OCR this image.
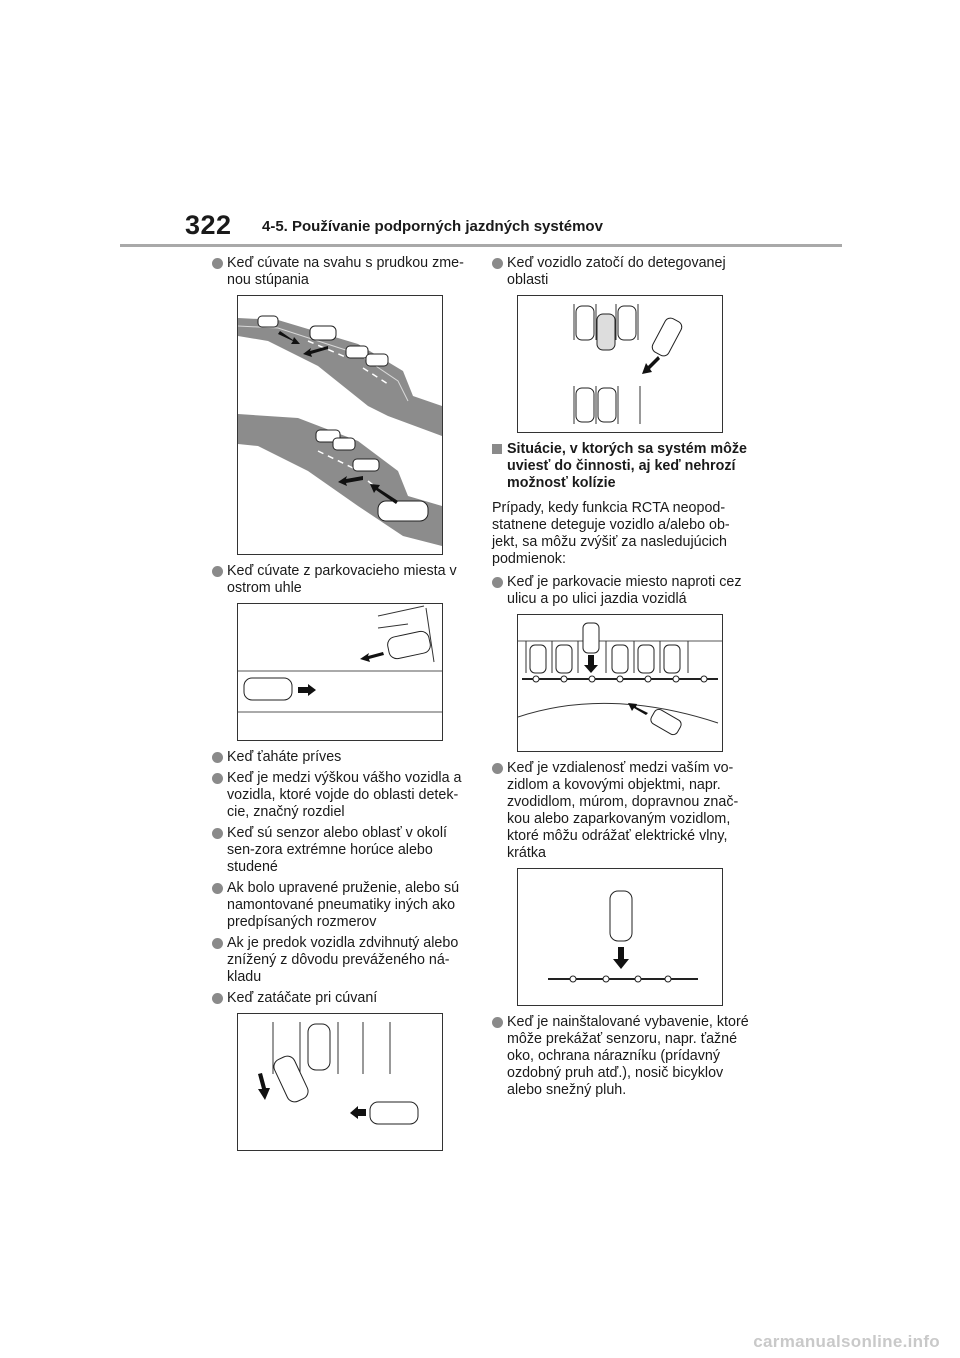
322 4-5. Používanie podporných jazdných systémov
Keď cúvate na svahu s prudkou zme-nou stúpania
Keď cúvate z parkovacieho miesta v ostrom uhle
Keď ťaháte príves
Keď je medzi výškou vášho vozidla a vozidla, ktoré vojde do oblasti detek-cie, značný rozdiel
Keď sú senzor alebo oblasť v okolí sen-zora extrémne horúce alebo studené
Ak bolo upravené pruženie, alebo sú namontované pneumatiky iných ako predpísaných rozmerov
Ak je predok vozidla zdvihnutý alebo znížený z dôvodu preváženého ná-kladu
Keď zatáčate pri cúvaní
Keď vozidlo zatočí do detegovanej oblasti
Situácie, v ktorých sa systém môže uviesť do činnosti, aj keď nehrozí možnosť kolízie
Prípady, kedy funkcia RCTA neopod-statnene deteguje vozidlo a/alebo ob-jekt, sa môžu zvýšiť za nasledujúcich podmienok:
Keď je parkovacie miesto naproti cez ulicu a po ulici jazdia vozidlá
Keď je vzdialenosť medzi vaším vo-zidlom a kovovými objektmi, napr. zvodidlom, múrom, dopravnou znač-kou alebo zaparkovaným vozidlom, ktoré môžu odrážať elektrické vlny, krátka
Keď je nainštalované vybavenie, ktoré môže prekážať senzoru, napr. ťažné oko, ochrana nárazníku (prídavný ozdobný pruh atď.), nosič bicyklov alebo snežný pluh.
carmanualsonline.info
